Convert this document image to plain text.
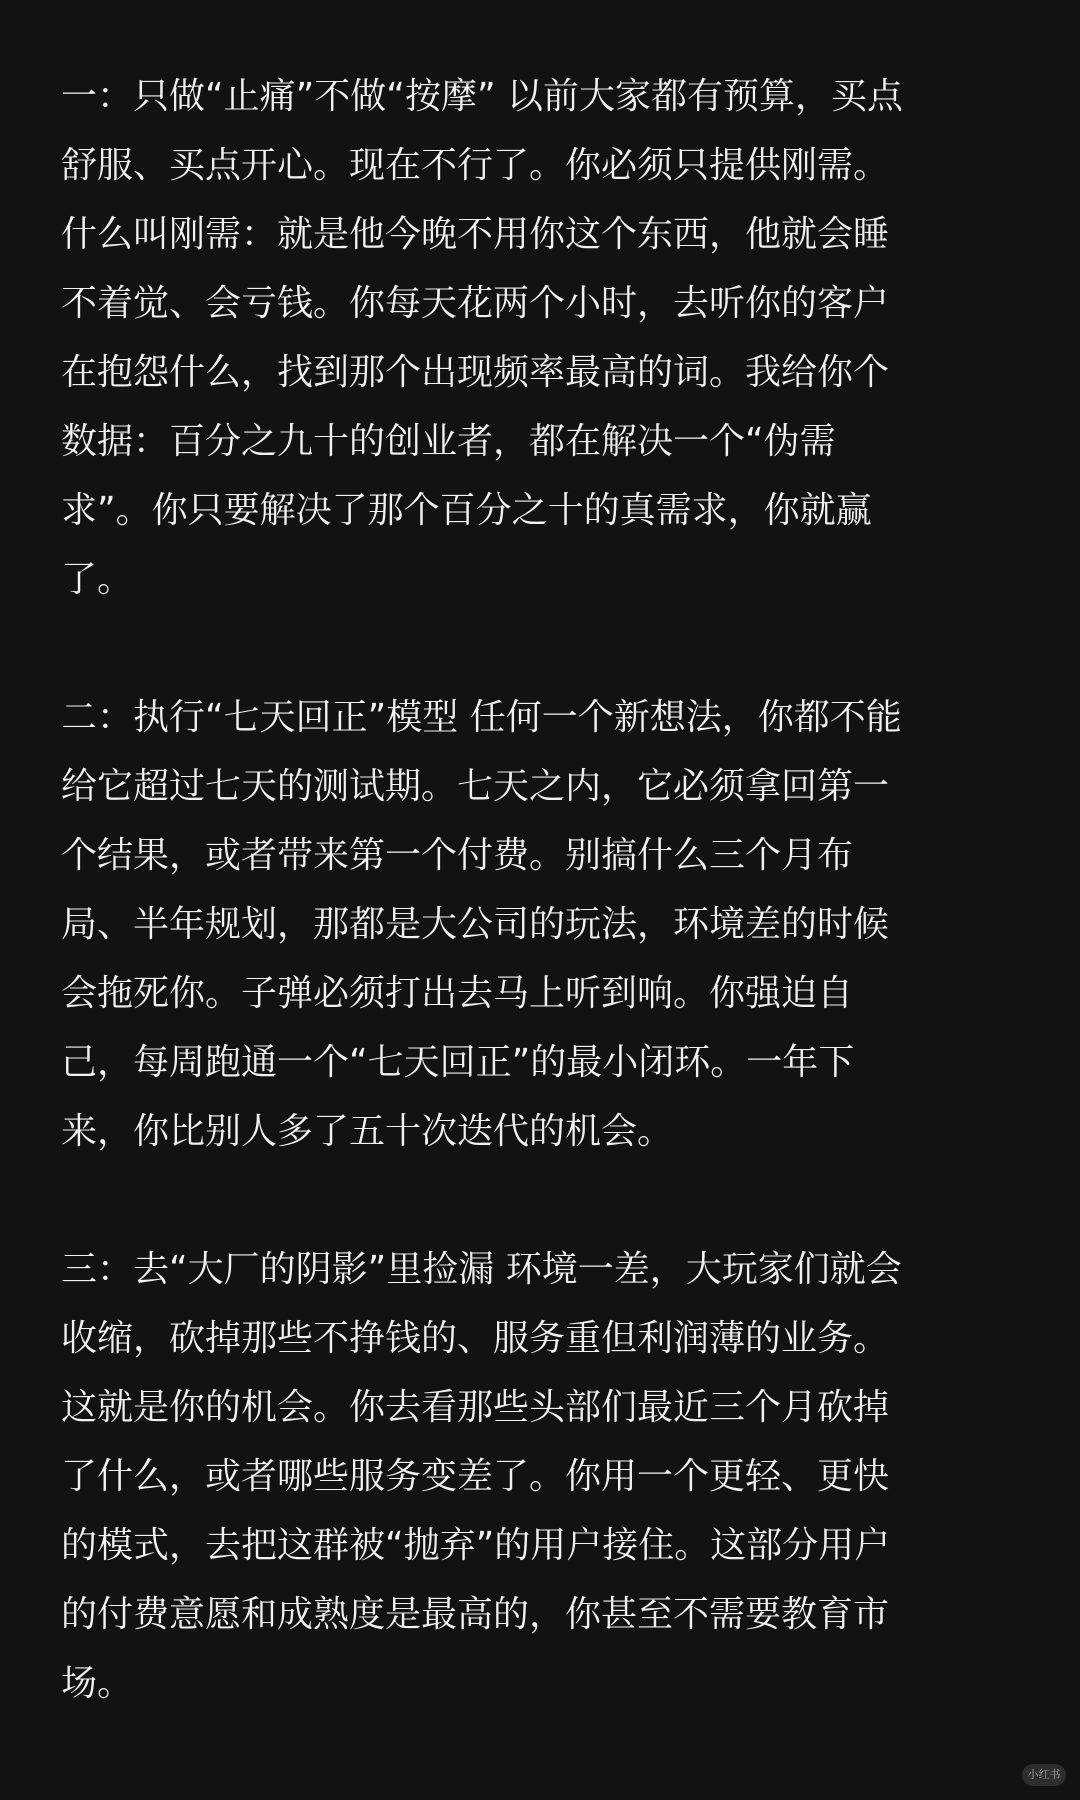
一：只做“止痛”不做“按摩” 以前大家都有预算，买点
舒服、买点开心。现在不行了。你必须只提供刚需。
什么叫刚需：就是他今晚不用你这个东西，他就会睡
不着觉、会亏钱。你每天花两个小时，去听你的客户
在抱怨什么，找到那个出现频率最高的词。我给你个
数据：百分之九十的创业者，都在解决一个“伪需
求”。你只要解决了那个百分之十的真需求，你就赢
了。
二：执行“七天回正”模型 任何一个新想法，你都不能
给它超过七天的测试期。七天之内，它必须拿回第一
个结果，或者带来第一个付费。别搞什么三个月布
局、半年规划，那都是大公司的玩法，环境差的时候
会拖死你。子弹必须打出去马上听到响。你强迫自
己，每周跑通一个“七天回正”的最小闭环。一年下
来，你比别人多了五十次迭代的机会。
三：去“大厂的阴影”里捡漏 环境一差，大玩家们就会
收缩，砍掉那些不挣钱的、服务重但利润薄的业务。
这就是你的机会。你去看那些头部们最近三个月砍掉
了什么，或者哪些服务变差了。你用一个更轻、更快
的模式，去把这群被“抛弃”的用户接住。这部分用户
的付费意愿和成熟度是最高的，你甚至不需要教育市
场。
小红书
